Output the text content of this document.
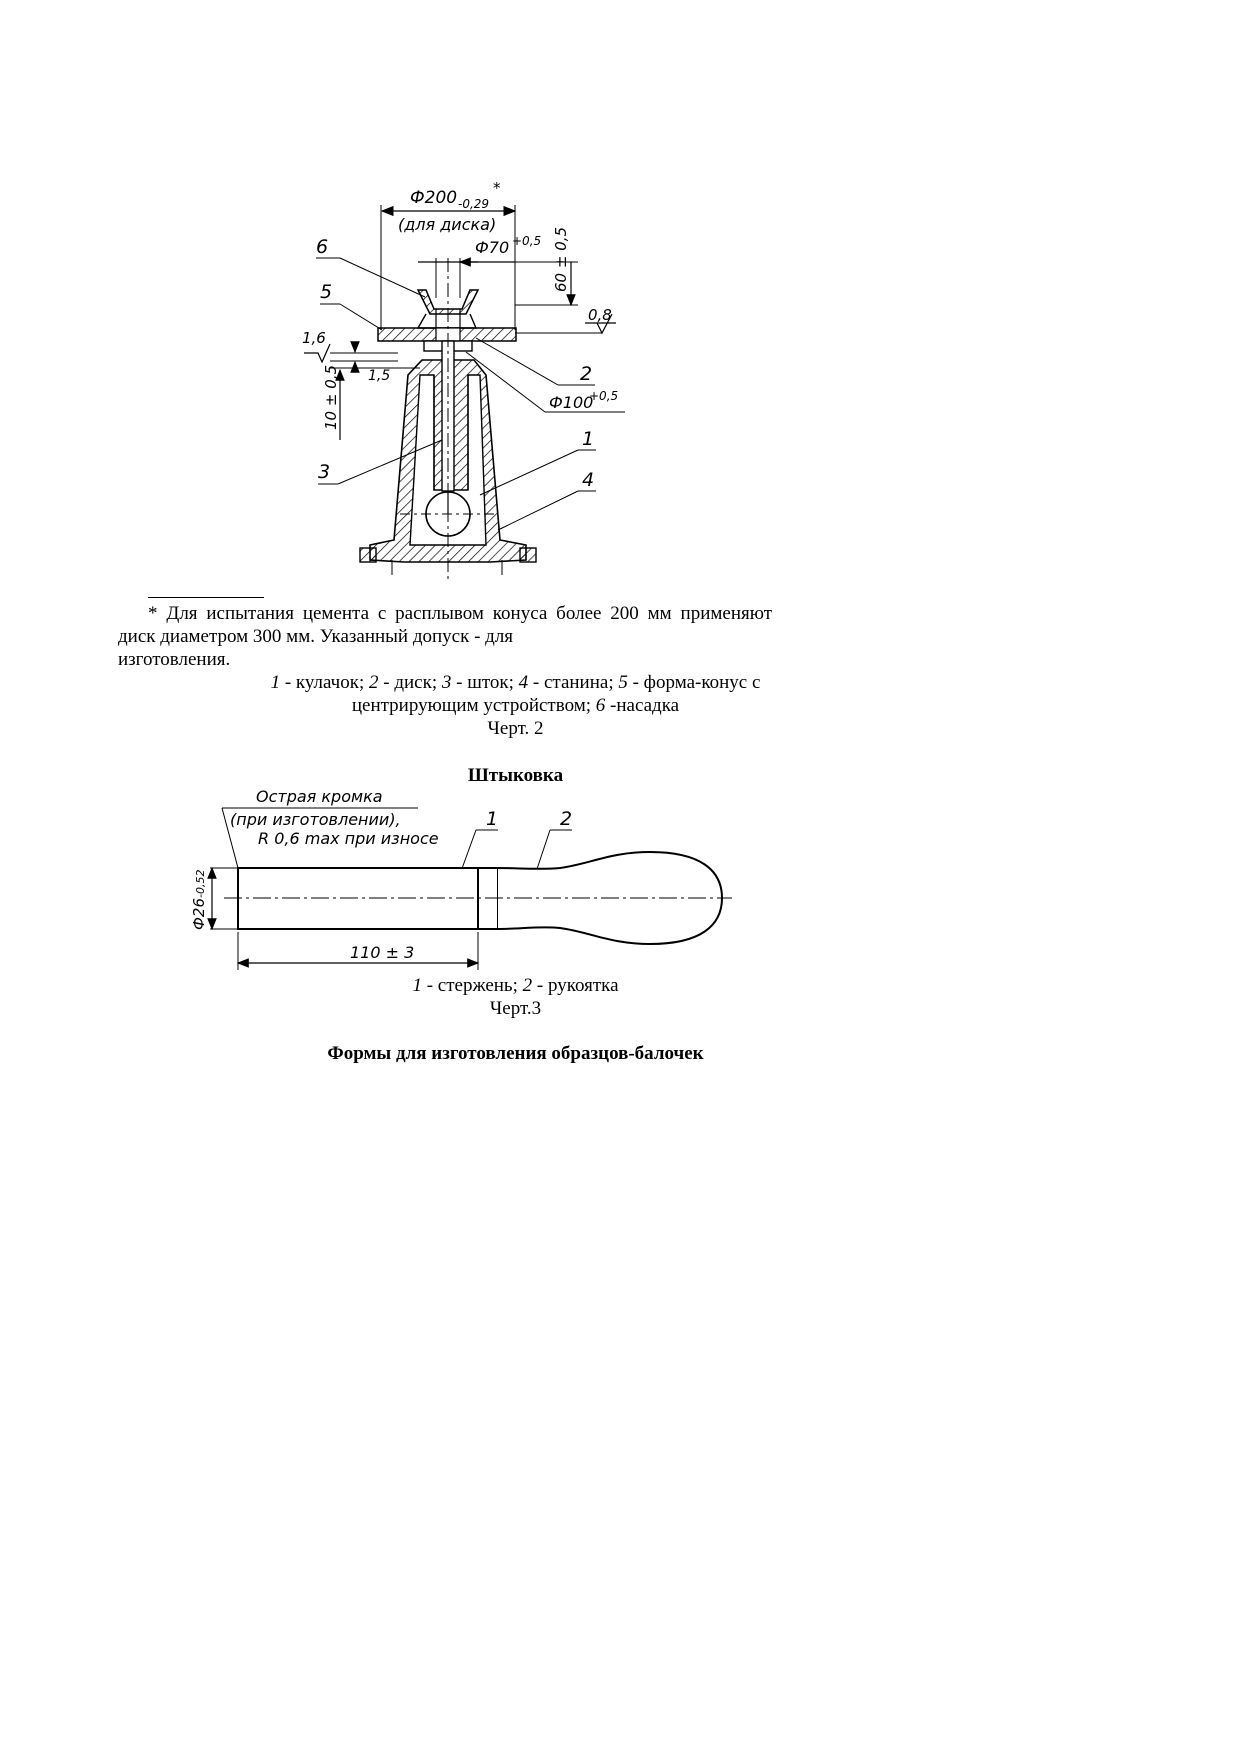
Ф200 -0,29
*
(для диска)
Ф70 +0,5 60 ± 0,5
0,8
1,6
1,5
10 ± 0,5	Ф100
+0,5
6
5
2
1
4
3
* Для испытания цемента с расплывом конуса более 200 мм применяют диск диаметром 300 мм. Указанный допуск - для
изготовления.
1 - кулачок; 2 - диск; 3 - шток; 4 - станина; 5 - форма-конус с
центрирующим устройством; 6 -насадка
Черт. 2
Штыковка
Острая кромка
(при изготовлении),
R 0,6 max при износе
1	2
Ф26-0,52
110 ± 3
1 - стержень; 2 - рукоятка
Черт.3
Формы для изготовления образцов-балочек
